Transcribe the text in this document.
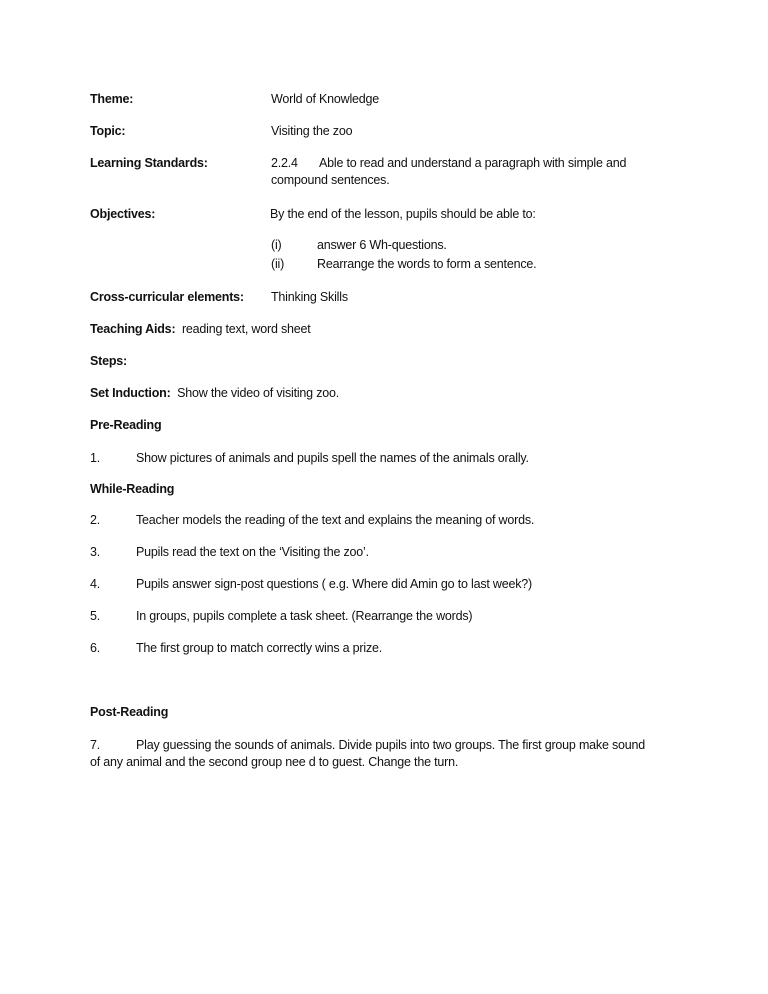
Theme:	World of Knowledge
Topic:	Visiting the zoo
Learning Standards:	2.2.4 Able to read and understand a paragraph with simple and
compound sentences.
Objectives:	By the end of the lesson, pupils should be able to:
(i)	answer 6 Wh-questions.
(ii)	Rearrange the words to form a sentence.
Cross-curricular elements: Thinking Skills
Teaching Aids: reading text, word sheet
Steps:
Set Induction: Show the video of visiting zoo.
Pre-Reading
1.	Show pictures of animals and pupils spell the names of the animals orally.
While-Reading
2.	Teacher models the reading of the text and explains the meaning of words.
3.	Pupils read the text on the ‘Visiting the zoo’.
4.	Pupils answer sign-post questions ( e.g. Where did Amin go to last week?)
5.	In groups, pupils complete a task sheet. (Rearrange the words)
6.	The first group to match correctly wins a prize.
Post-Reading
7.	Play guessing the sounds of animals. Divide pupils into two groups. The first group make sound
of any animal and the second group nee d to guest. Change the turn.
